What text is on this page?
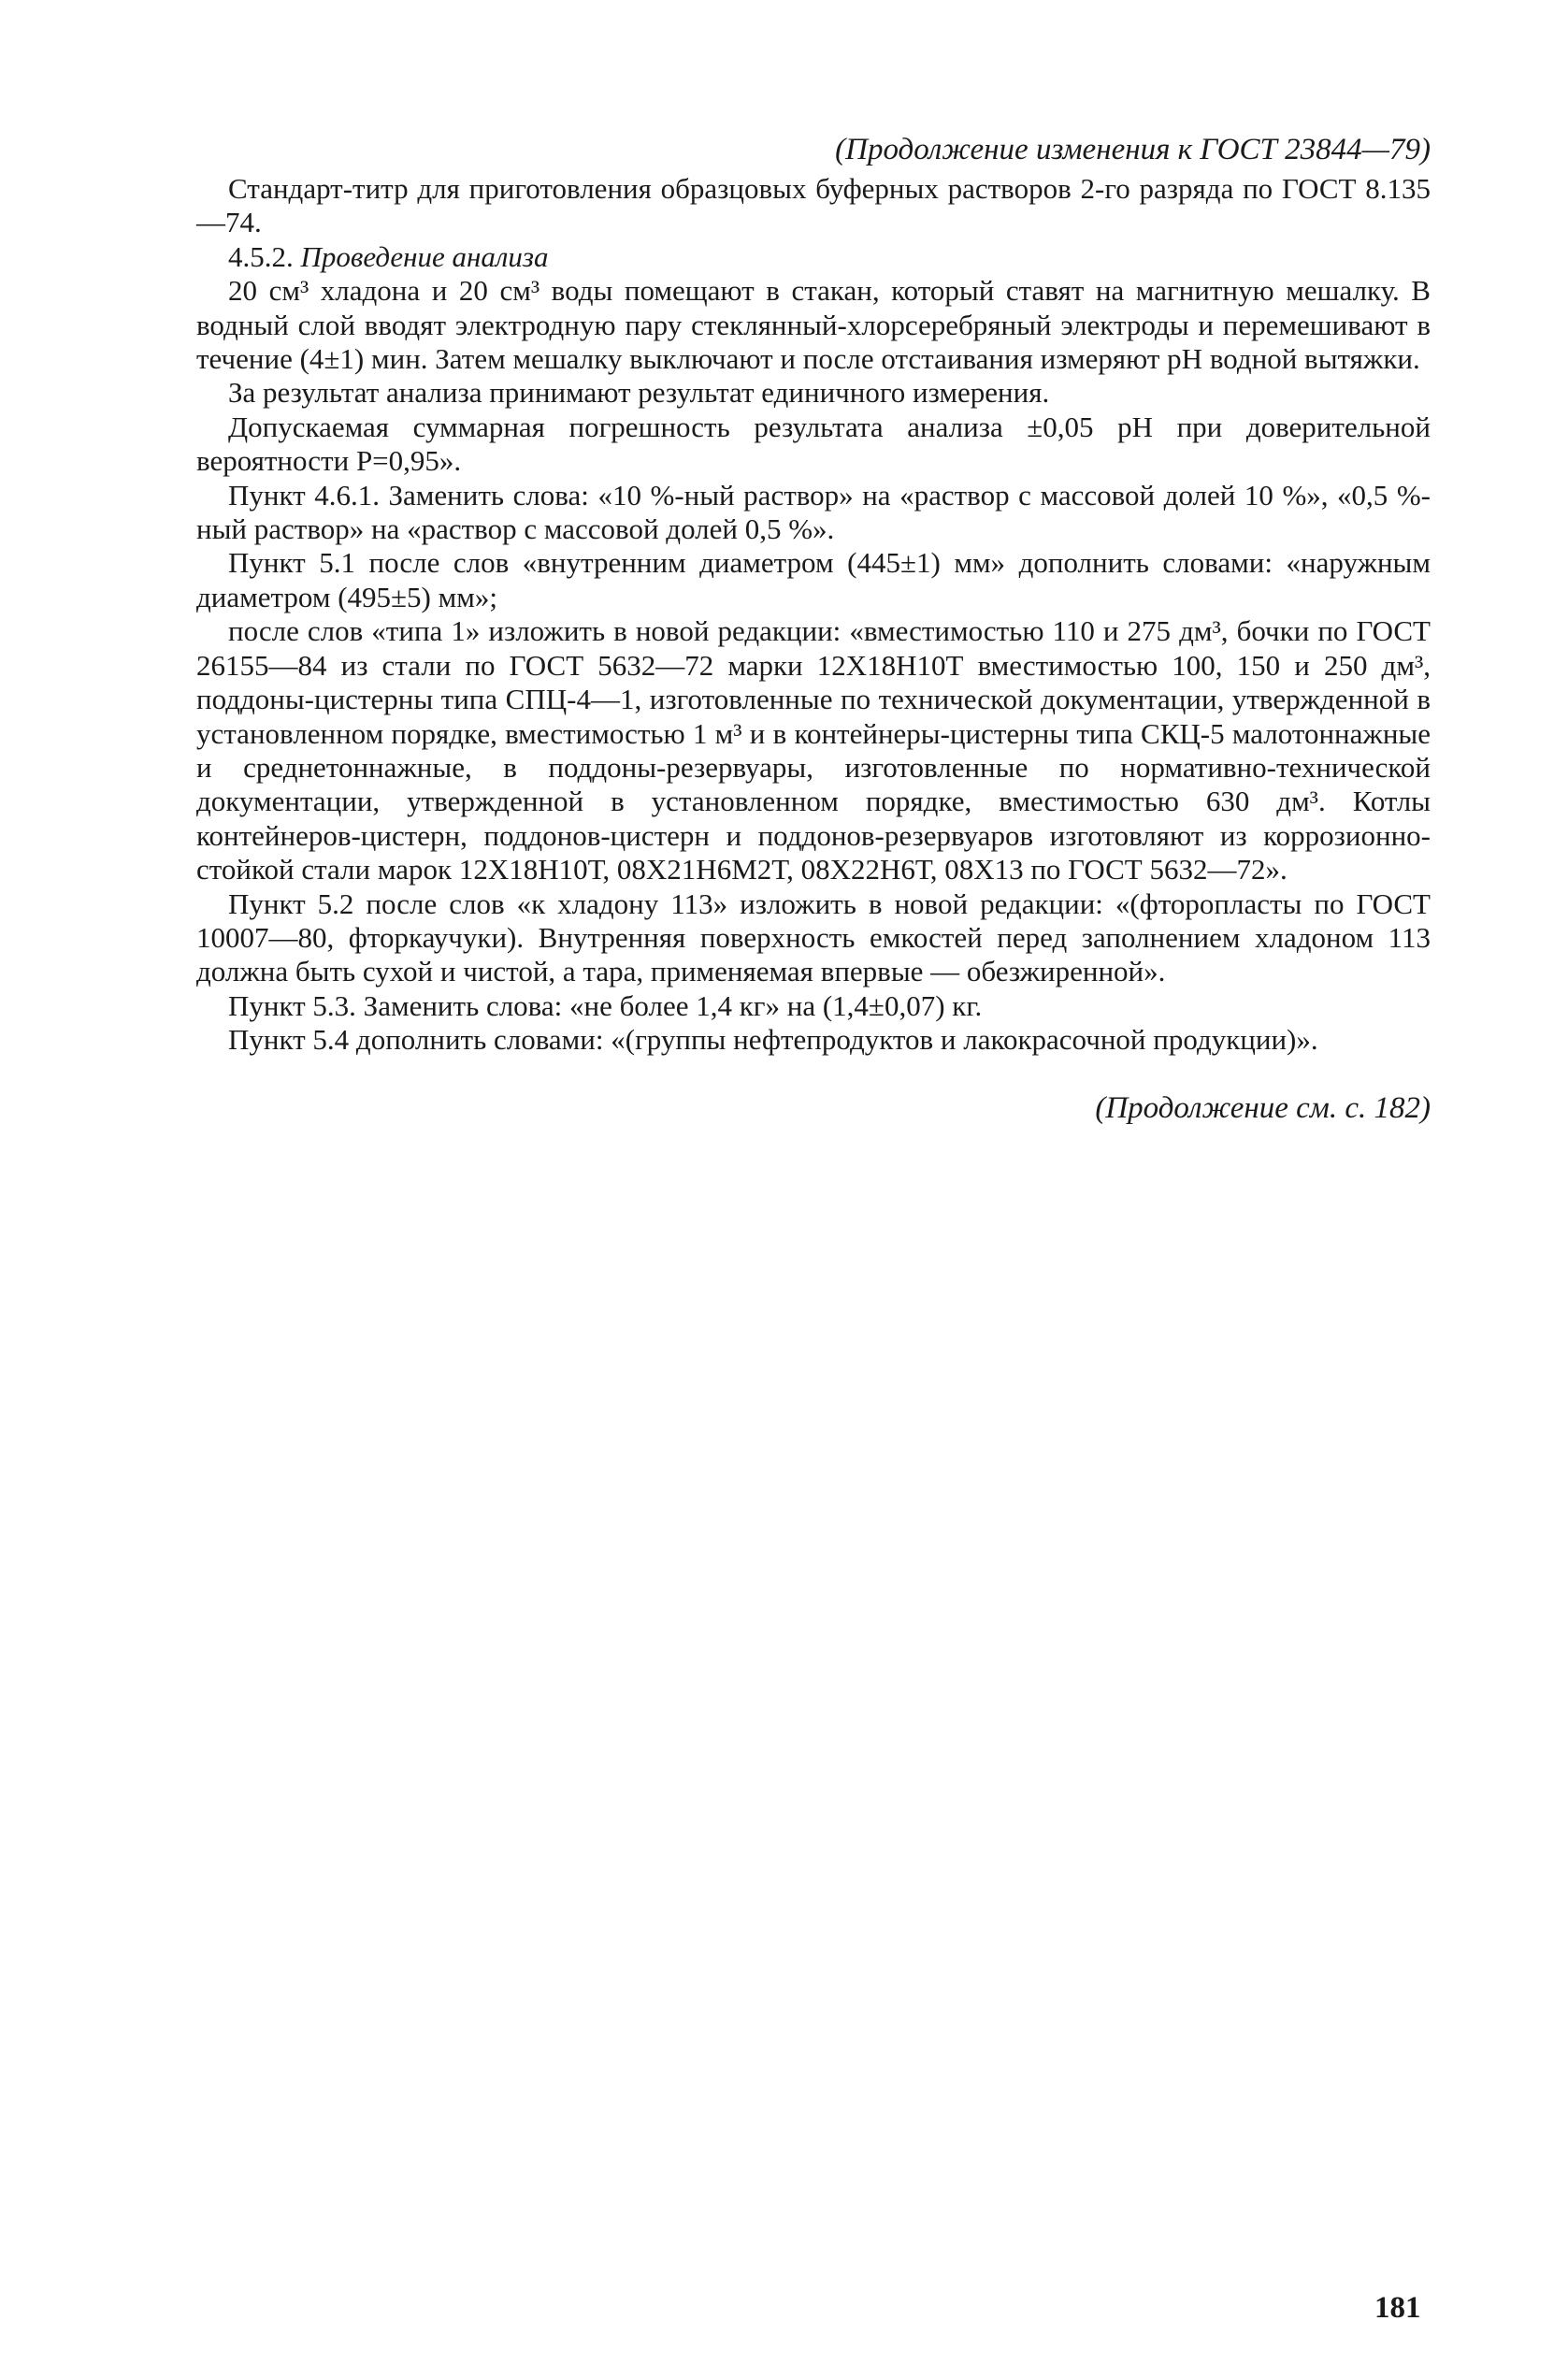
(Продолжение изменения к ГОСТ 23844—79)

Стандарт-титр для приготовления образцовых буферных растворов 2-го разряда по ГОСТ 8.135—74.

4.5.2. Проведение анализа

20 см³ хладона и 20 см³ воды помещают в стакан, который ставят на магнитную мешалку. В водный слой вводят электродную пару стеклянный-хлорсеребряный электроды и перемешивают в течение (4±1) мин. Затем мешалку выключают и после отстаивания измеряют pH водной вытяжки.

За результат анализа принимают результат единичного измерения.

Допускаемая суммарная погрешность результата анализа ±0,05 pH при доверительной вероятности P=0,95».

Пункт 4.6.1. Заменить слова: «10 %-ный раствор» на «раствор с массовой долей 10 %», «0,5 %-ный раствор» на «раствор с массовой долей 0,5 %».

Пункт 5.1 после слов «внутренним диаметром (445±1) мм» дополнить словами: «наружным диаметром (495±5) мм»;

после слов «типа 1» изложить в новой редакции: «вместимостью 110 и 275 дм³, бочки по ГОСТ 26155—84 из стали по ГОСТ 5632—72 марки 12Х18Н10Т вместимостью 100, 150 и 250 дм³, поддоны-цистерны типа СПЦ-4—1, изготовленные по технической документации, утвержденной в установленном порядке, вместимостью 1 м³ и в контейнеры-цистерны типа СКЦ-5 малотоннажные и среднетоннажные, в поддоны-резервуары, изготовленные по нормативно-технической документации, утвержденной в установленном порядке, вместимостью 630 дм³. Котлы контейнеров-цистерн, поддонов-цистерн и поддонов-резервуаров изготовляют из коррозионно-стойкой стали марок 12Х18Н10Т, 08Х21Н6М2Т, 08Х22Н6Т, 08Х13 по ГОСТ 5632—72».

Пункт 5.2 после слов «к хладону 113» изложить в новой редакции: «(фторопласты по ГОСТ 10007—80, фторкаучуки). Внутренняя поверхность емкостей перед заполнением хладоном 113 должна быть сухой и чистой, а тара, применяемая впервые — обезжиренной».

Пункт 5.3. Заменить слова: «не более 1,4 кг» на (1,4±0,07) кг.

Пункт 5.4 дополнить словами: «(группы нефтепродуктов и лакокрасочной продукции)».

(Продолжение см. с. 182)
181
